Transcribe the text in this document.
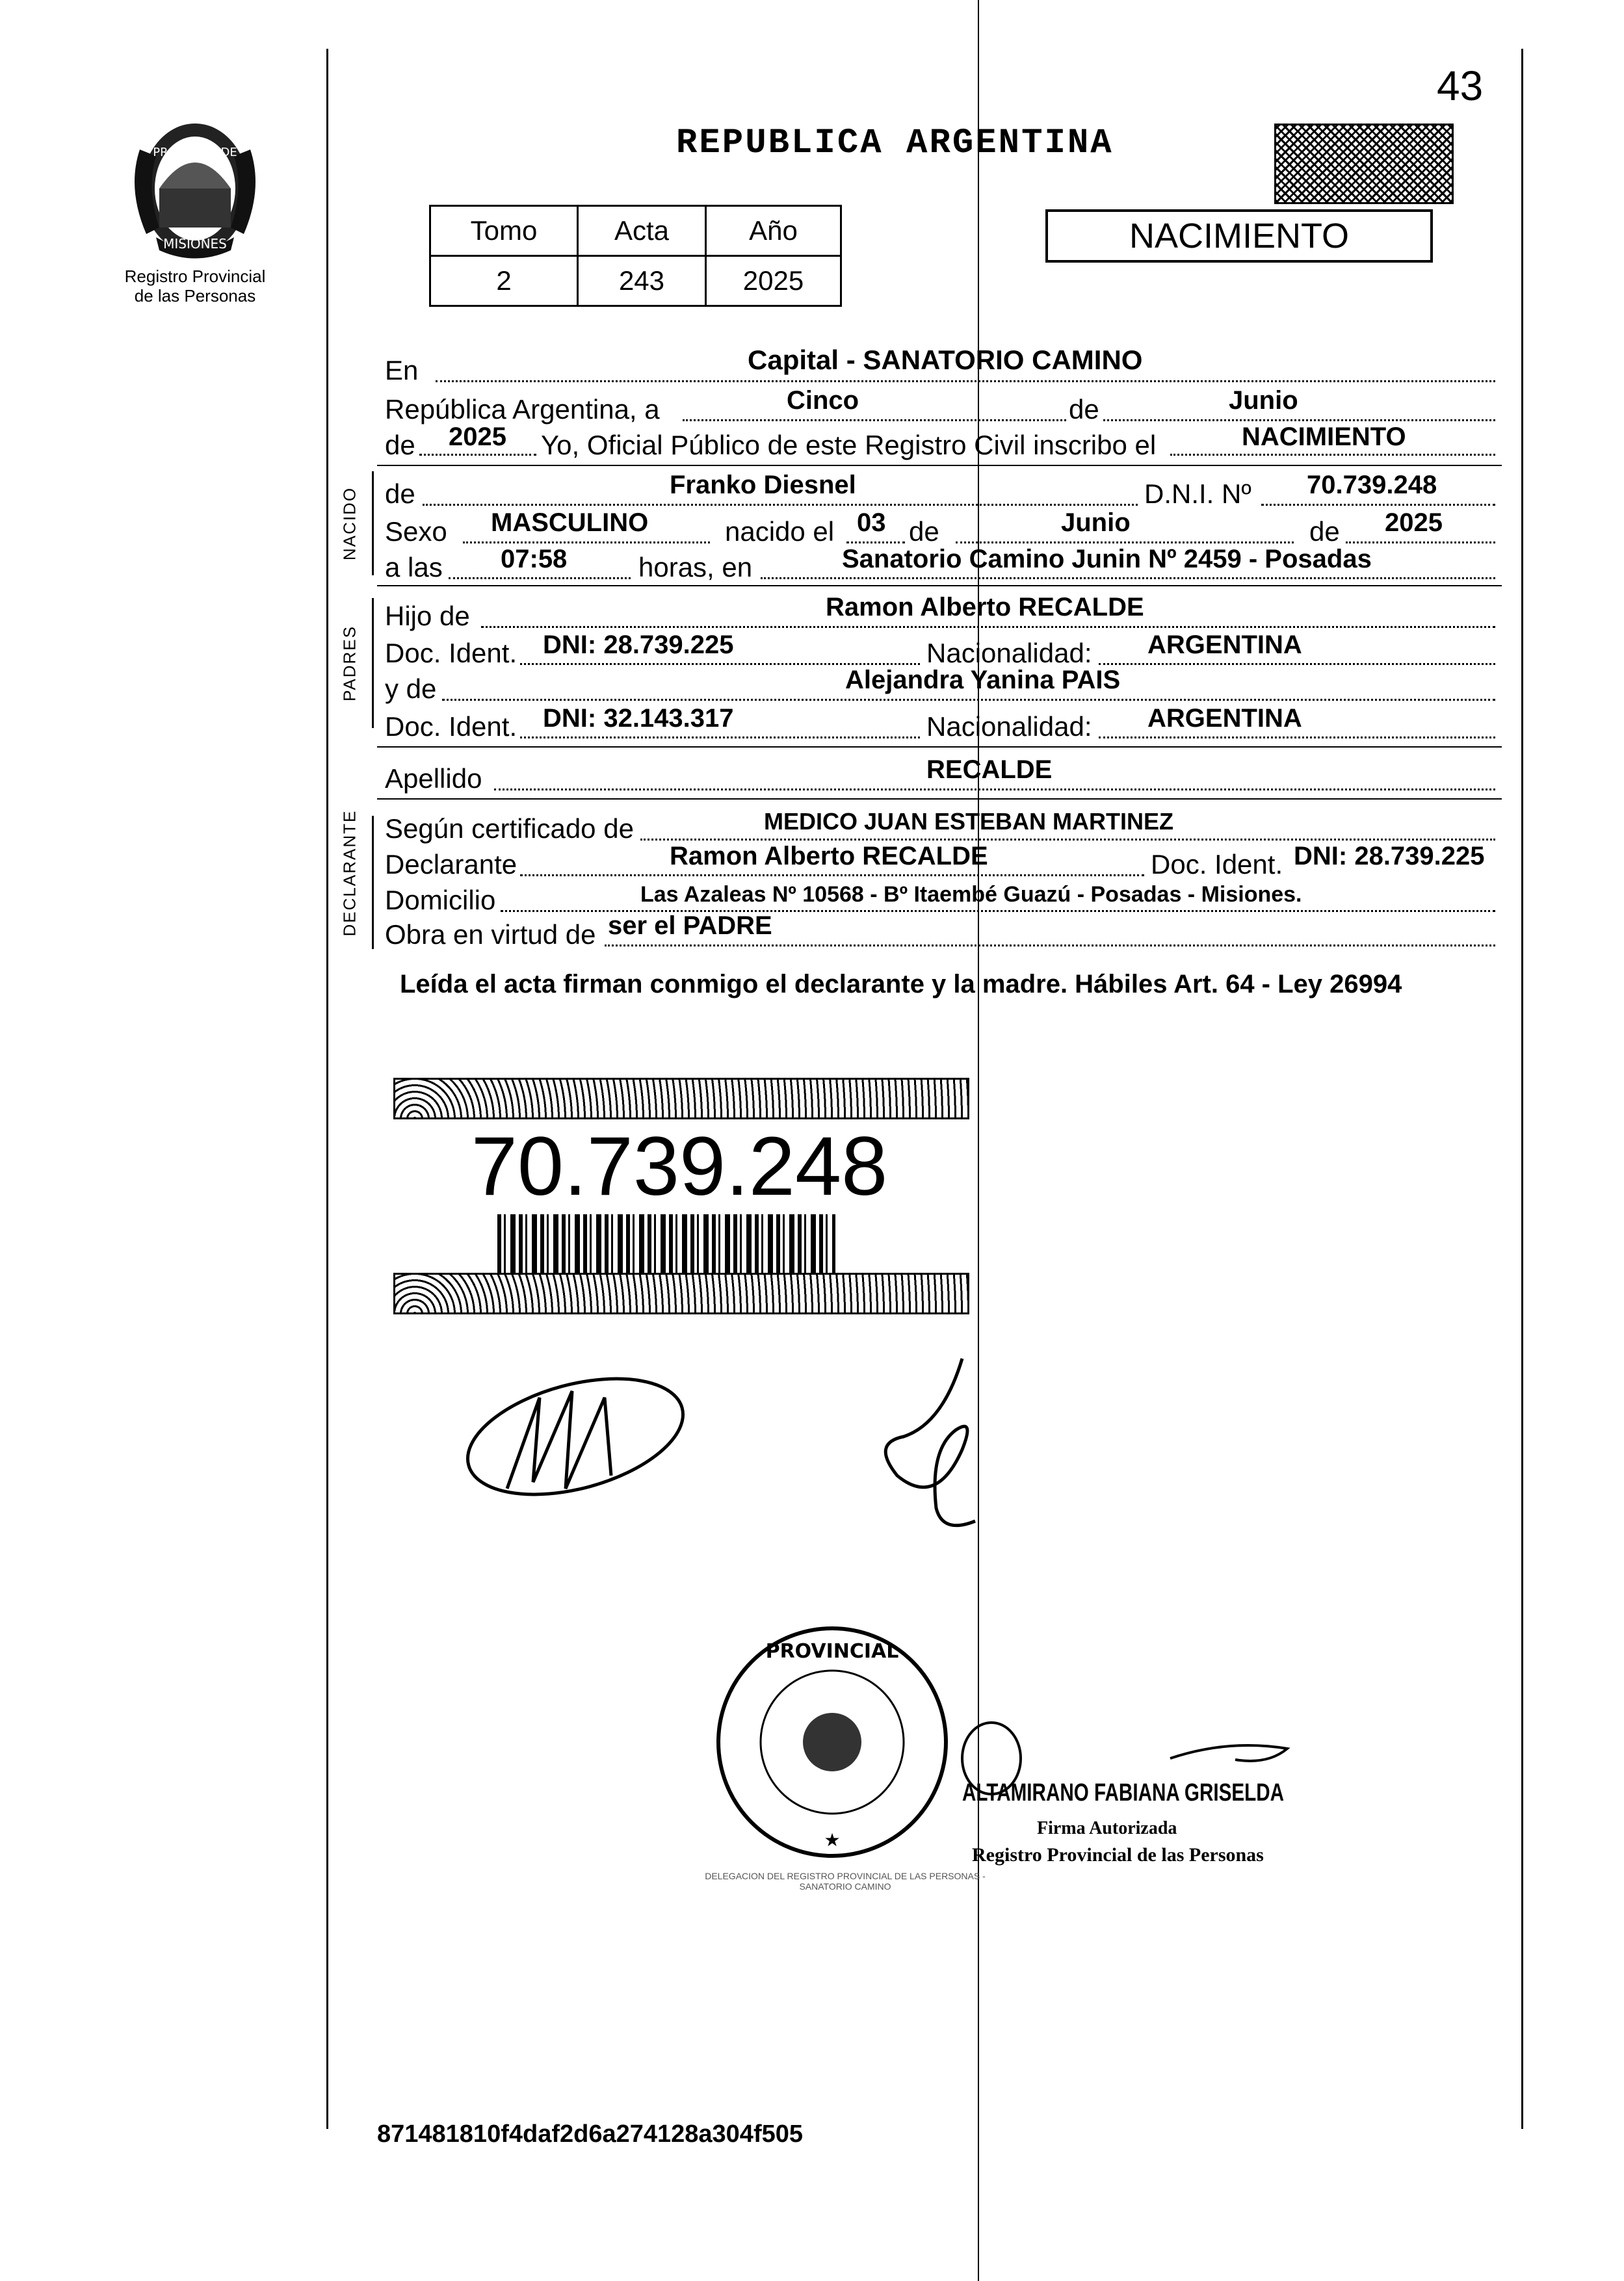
43
PROVINCIA DE
MISIONES
Registro Provincial
de las Personas
REPUBLICA ARGENTINA
Tomo	Acta	Año
2	243	2025
NACIMIENTO
En	Capital - SANATORIO CAMINO
República Argentina, a	Cinco	de	Junio
de 2025 Yo, Oficial Público de este Registro Civil inscribo el	NACIMIENTO
NACIDO de	Franko Diesnel	D.N.I. Nº 70.739.248
Sexo MASCULINO	nacido el 03 de	Junio	de 2025
a las 07:58	horas, en	Sanatorio Camino Junin Nº 2459 - Posadas
PADRES
Hijo de	Ramon Alberto RECALDE
Doc. Ident. DNI: 28.739.225	Nacionalidad: ARGENTINA
y de	Alejandra Yanina PAIS
Doc. Ident. DNI: 32.143.317	Nacionalidad: ARGENTINA
Apellido	RECALDE
DECLARANTE Según certificado de	MEDICO JUAN ESTEBAN MARTINEZ
Declarante	Ramon Alberto RECALDE	Doc. Ident. DNI: 28.739.225
Domicilio	Las Azaleas Nº 10568 - Bº Itaembé Guazú - Posadas - Misiones.
Obra en virtud de ser el PADRE
Leída el acta firman conmigo el declarante y la madre. Hábiles Art. 64 - Ley 26994
70.739.248
PROVINCIAL
★
DELEGACION DEL REGISTRO PROVINCIAL DE LAS PERSONAS - SANATORIO CAMINO
ALTAMIRANO FABIANA GRISELDA
Firma Autorizada
Registro Provincial de las Personas
871481810f4daf2d6a274128a304f505
